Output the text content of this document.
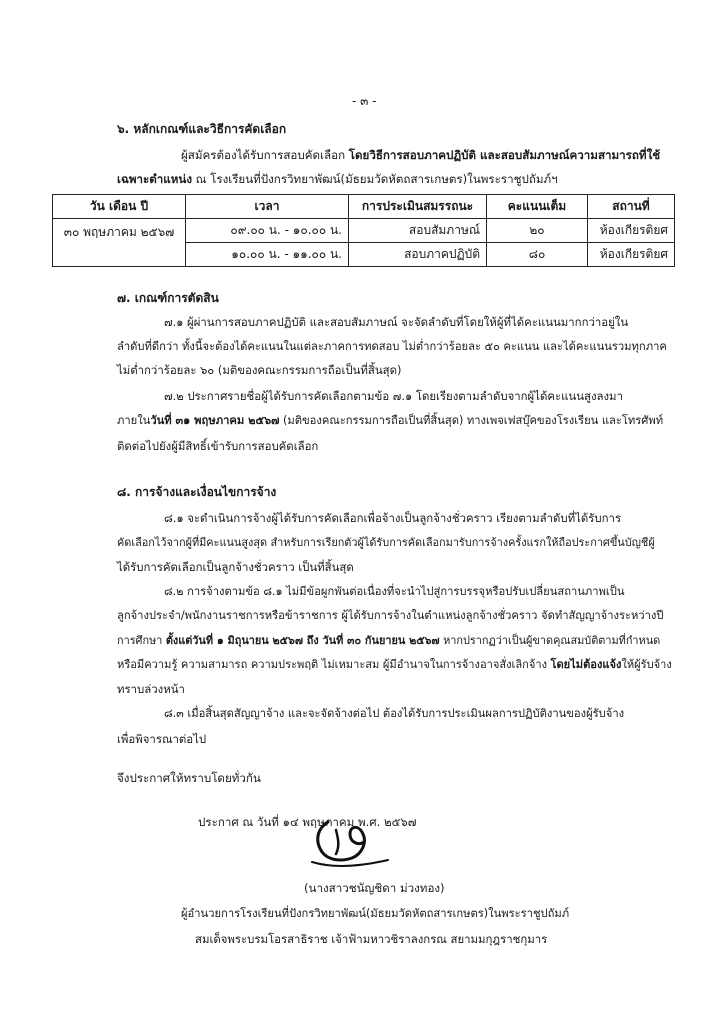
- ๓ -
๖. หลักเกณฑ์และวิธีการคัดเลือก
ผู้สมัครต้องได้รับการสอบคัดเลือก โดยวิธีการสอบภาคปฏิบัติ และสอบสัมภาษณ์ความสามารถที่ใช้
เฉพาะตำแหน่ง ณ โรงเรียนที่ปังกรวิทยาพัฒน์(มัธยมวัดหัตถสารเกษตร)ในพระราชูปถัมภ์ฯ
วัน เดือน ปี	เวลา	การประเมินสมรรถนะ	คะแนนเต็ม	สถานที่
๓๐ พฤษภาคม ๒๕๖๗	๐๙.๐๐ น. - ๑๐.๐๐ น.	สอบสัมภาษณ์	๒๐	ห้องเกียรติยศ
	๑๐.๐๐ น. - ๑๑.๐๐ น.	สอบภาคปฏิบัติ	๘๐	ห้องเกียรติยศ
๗. เกณฑ์การตัดสิน
๗.๑ ผู้ผ่านการสอบภาคปฏิบัติ และสอบสัมภาษณ์ จะจัดลำดับที่โดยให้ผู้ที่ได้คะแนนมากกว่าอยู่ใน
ลำดับที่ดีกว่า ทั้งนี้จะต้องได้คะแนนในแต่ละภาคการทดสอบ ไม่ต่ำกว่าร้อยละ ๕๐ คะแนน และได้คะแนนรวมทุกภาค
ไม่ต่ำกว่าร้อยละ ๖๐ (มติของคณะกรรมการถือเป็นที่สิ้นสุด)
๗.๒ ประกาศรายชื่อผู้ได้รับการคัดเลือกตามข้อ ๗.๑ โดยเรียงตามลำดับจากผู้ได้คะแนนสูงลงมา
ภายในวันที่ ๓๑ พฤษภาคม ๒๕๖๗ (มติของคณะกรรมการถือเป็นที่สิ้นสุด) ทางเพจเฟสบุ๊คของโรงเรียน และโทรศัพท์
ติดต่อไปยังผู้มีสิทธิ์เข้ารับการสอบคัดเลือก
๘. การจ้างและเงื่อนไขการจ้าง
๘.๑ จะดำเนินการจ้างผู้ได้รับการคัดเลือกเพื่อจ้างเป็นลูกจ้างชั่วคราว เรียงตามลำดับที่ได้รับการ
คัดเลือกไว้จากผู้ที่มีคะแนนสูงสุด สำหรับการเรียกตัวผู้ได้รับการคัดเลือกมารับการจ้างครั้งแรกให้ถือประกาศขึ้นบัญชีผู้
ได้รับการคัดเลือกเป็นลูกจ้างชั่วคราว เป็นที่สิ้นสุด
๘.๒ การจ้างตามข้อ ๘.๑ ไม่มีข้อผูกพันต่อเนื่องที่จะนำไปสู่การบรรจุหรือปรับเปลี่ยนสถานภาพเป็น
ลูกจ้างประจำ/พนักงานราชการหรือข้าราชการ ผู้ได้รับการจ้างในตำแหน่งลูกจ้างชั่วคราว จัดทำสัญญาจ้างระหว่างปี
การศึกษา ตั้งแต่วันที่ ๑ มิถุนายน ๒๕๖๗ ถึง วันที่ ๓๐ กันยายน ๒๕๖๗ หากปรากฏว่าเป็นผู้ขาดคุณสมบัติตามที่กำหนด
หรือมีความรู้ ความสามารถ ความประพฤติ ไม่เหมาะสม ผู้มีอำนาจในการจ้างอาจสั่งเลิกจ้าง โดยไม่ต้องแจ้งให้ผู้รับจ้าง
ทราบล่วงหน้า
๘.๓ เมื่อสิ้นสุดสัญญาจ้าง และจะจัดจ้างต่อไป ต้องได้รับการประเมินผลการปฏิบัติงานของผู้รับจ้าง
เพื่อพิจารณาต่อไป
จึงประกาศให้ทราบโดยทั่วกัน
ประกาศ ณ วันที่ ๑๔ พฤษภาคม พ.ศ. ๒๕๖๗
(นางสาวชนัญชิดา ม่วงทอง)
ผู้อำนวยการโรงเรียนที่ปังกรวิทยาพัฒน์(มัธยมวัดหัตถสารเกษตร)ในพระราชูปถัมภ์
สมเด็จพระบรมโอรสาธิราช เจ้าฟ้ามหาวชิราลงกรณ สยามมกุฎราชกุมาร
